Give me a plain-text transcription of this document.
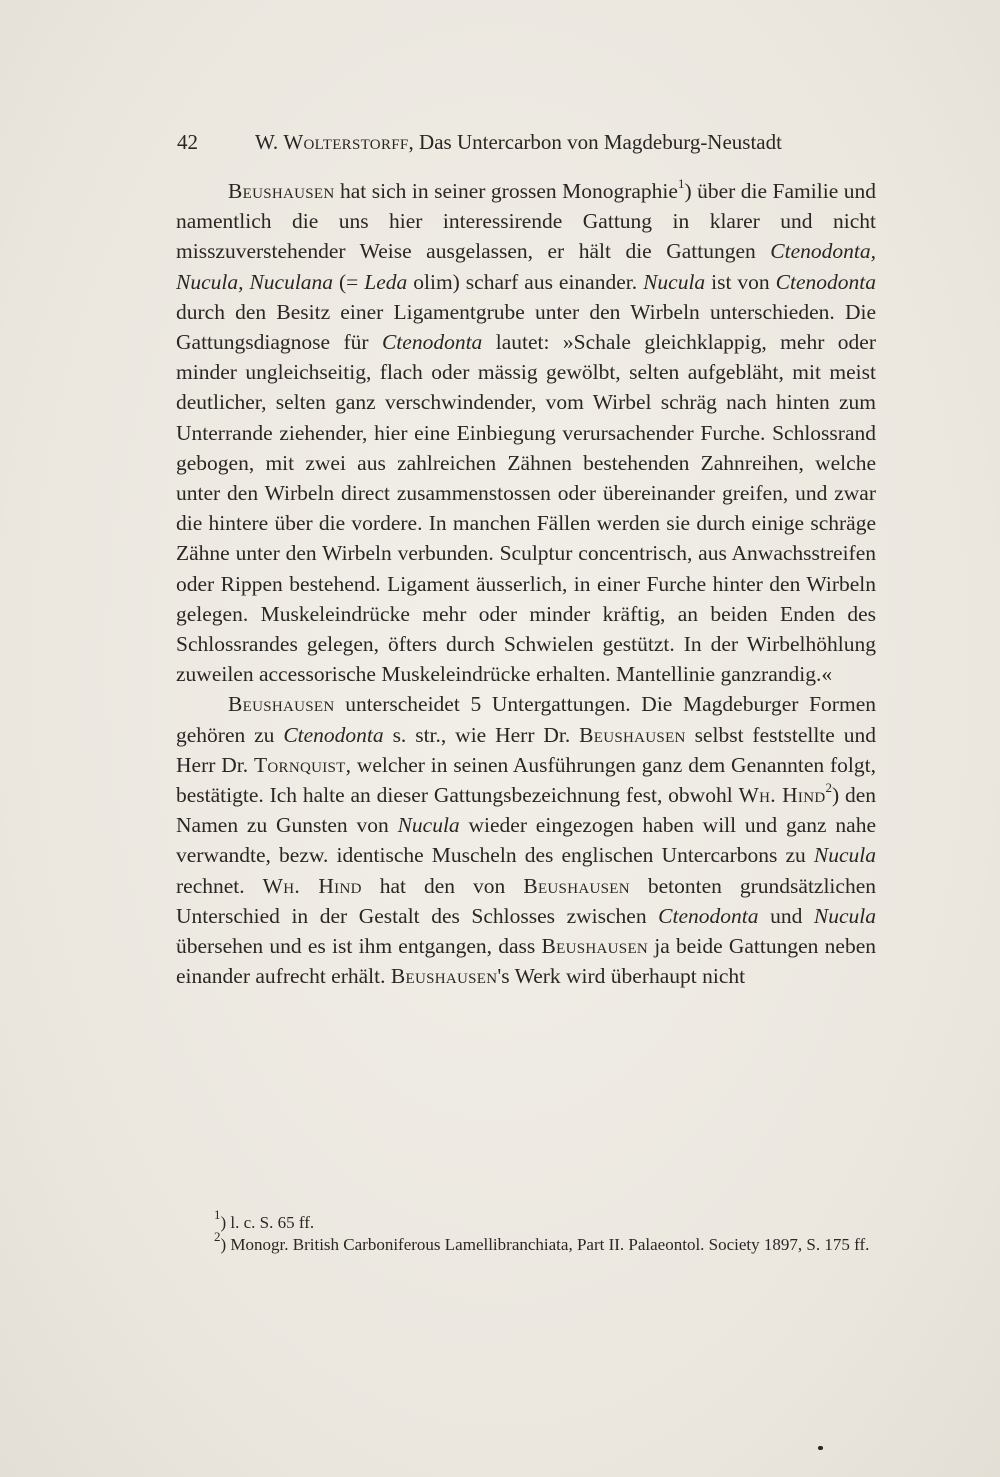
42	W. Wolterstorff, Das Untercarbon von Magdeburg-Neustadt

Beushausen hat sich in seiner grossen Monographie$^1$) über die Familie und namentlich die uns hier interessirende Gattung in klarer und nicht misszuverstehender Weise ausgelassen, er hält die Gattungen Ctenodonta, Nucula, Nuculana (= Leda olim) scharf aus einander. Nucula ist von Ctenodonta durch den Besitz einer Ligamentgrube unter den Wirbeln unterschieden. Die Gattungsdiagnose für Ctenodonta lautet: »Schale gleichklappig, mehr oder minder ungleichseitig, flach oder mässig gewölbt, selten aufgebläht, mit meist deutlicher, selten ganz verschwindender, vom Wirbel schräg nach hinten zum Unterrande ziehender, hier eine Einbiegung verursachender Furche. Schlossrand gebogen, mit zwei aus zahlreichen Zähnen bestehenden Zahnreihen, welche unter den Wirbeln direct zusammenstossen oder übereinander greifen, und zwar die hintere über die vordere. In manchen Fällen werden sie durch einige schräge Zähne unter den Wirbeln verbunden. Sculptur concentrisch, aus Anwachsstreifen oder Rippen bestehend. Ligament äusserlich, in einer Furche hinter den Wirbeln gelegen. Muskeleindrücke mehr oder minder kräftig, an beiden Enden des Schlossrandes gelegen, öfters durch Schwielen gestützt. In der Wirbelhöhlung zuweilen accessorische Muskeleindrücke erhalten. Mantellinie ganzrandig.«

Beushausen unterscheidet 5 Untergattungen. Die Magdeburger Formen gehören zu Ctenodonta s. str., wie Herr Dr. Beushausen selbst feststellte und Herr Dr. Tornquist, welcher in seinen Ausführungen ganz dem Genannten folgt, bestätigte. Ich halte an dieser Gattungsbezeichnung fest, obwohl Wh. Hind$^2$) den Namen zu Gunsten von Nucula wieder eingezogen haben will und ganz nahe verwandte, bezw. identische Muscheln des englischen Untercarbons zu Nucula rechnet. Wh. Hind hat den von Beushausen betonten grundsätzlichen Unterschied in der Gestalt des Schlosses zwischen Ctenodonta und Nucula übersehen und es ist ihm entgangen, dass Beushausen ja beide Gattungen neben einander aufrecht erhält. Beushausen's Werk wird überhaupt nicht

$^1$) l. c. S. 65 ff.

$^2$) Monogr. British Carboniferous Lamellibranchiata, Part II. Palaeontol. Society 1897, S. 175 ff.
